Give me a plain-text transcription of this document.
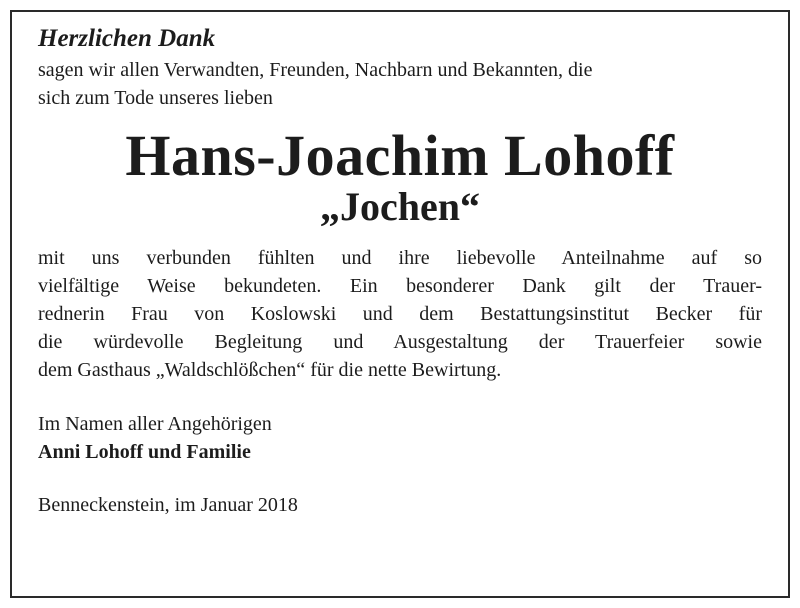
Herzlichen Dank
sagen wir allen Verwandten, Freunden, Nachbarn und Bekannten, die
sich zum Tode unseres lieben
Hans-Joachim Lohoff
„Jochen“
mit uns verbunden fühlten und ihre liebevolle Anteilnahme auf so
vielfältige Weise bekundeten. Ein besonderer Dank gilt der Trauer-
rednerin Frau von Koslowski und dem Bestattungsinstitut Becker für
die würdevolle Begleitung und Ausgestaltung der Trauerfeier sowie
dem Gasthaus „Waldschlößchen“ für die nette Bewirtung.
Im Namen aller Angehörigen
Anni Lohoff und Familie
Benneckenstein, im Januar 2018
